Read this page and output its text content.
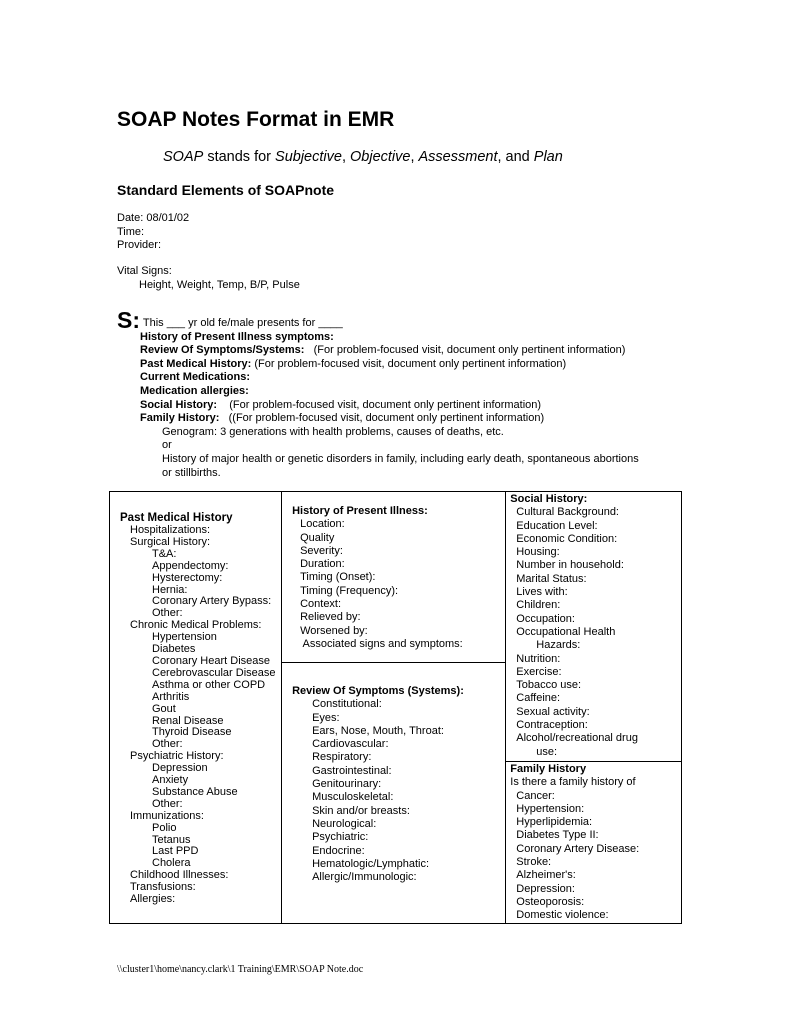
SOAP Notes Format in EMR
SOAP stands for Subjective, Objective, Assessment, and Plan
Standard Elements of SOAPnote
Date: 08/01/02
Time:
Provider:
Vital Signs:
Height, Weight, Temp, B/P, Pulse
S: This ___ yr old fe/male presents for ____
History of Present Illness symptoms:
Review Of Symptoms/Systems:   (For problem-focused visit, document only pertinent information)
Past Medical History: (For problem-focused visit, document only pertinent information)
Current Medications:
Medication allergies:
Social History:    (For problem-focused visit, document only pertinent information)
Family History:   ((For problem-focused visit, document only pertinent information)
Genogram: 3 generations with health problems, causes of deaths, etc.
or
History of major health or genetic disorders in family, including early death, spontaneous abortions
or stillbirths.
Past Medical History
Hospitalizations:
Surgical History:
T&A:
Appendectomy:
Hysterectomy:
Hernia:
Coronary Artery Bypass:
Other:
Chronic Medical Problems:
Hypertension
Diabetes
Coronary Heart Disease
Cerebrovascular Disease
Asthma or other COPD
Arthritis
Gout
Renal Disease
Thyroid Disease
Other:
Psychiatric History:
Depression
Anxiety
Substance Abuse
Other:
Immunizations:
Polio
Tetanus
Last PPD
Cholera
Childhood Illnesses:
Transfusions:
Allergies:

History of Present Illness:
Location:
Quality
Severity:
Duration:
Timing (Onset):
Timing (Frequency):
Context:
Relieved by:
Worsened by:
Associated signs and symptoms:

Social History:
Cultural Background:
Education Level:
Economic Condition:
Housing:
Number in household:
Marital Status:
Lives with:
Children:
Occupation:
Occupational Health
Hazards:
Nutrition:
Exercise:
Tobacco use:
Caffeine:
Sexual activity:
Contraception:
Alcohol/recreational drug
use:
Family History
Is there a family history of
Cancer:
Hypertension:
Hyperlipidemia:
Diabetes Type II:
Coronary Artery Disease:
Stroke:
Alzheimer's:
Depression:
Osteoporosis:
Domestic violence:

Review Of Symptoms (Systems):
Constitutional:
Eyes:
Ears, Nose, Mouth, Throat:
Cardiovascular:
Respiratory:
Gastrointestinal:
Genitourinary:
Musculoskeletal:
Skin and/or breasts:
Neurological:
Psychiatric:
Endocrine:
Hematologic/Lymphatic:
Allergic/Immunologic:
\\cluster1\home\nancy.clark\1 Training\EMR\SOAP Note.doc
